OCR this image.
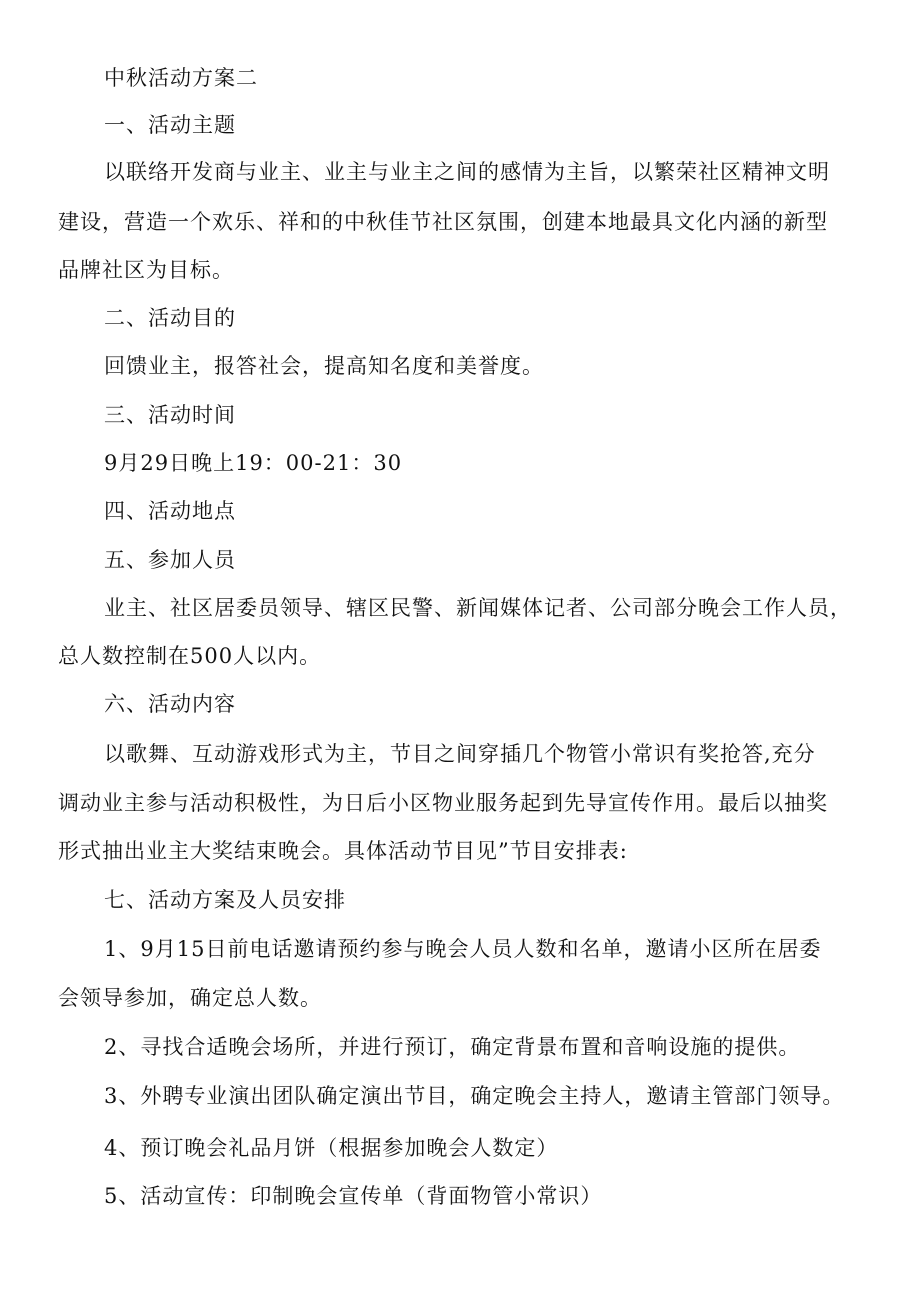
中秋活动方案二
一、活动主题
以联络开发商与业主、业主与业主之间的感情为主旨，以繁荣社区精神文明
建设，营造一个欢乐、祥和的中秋佳节社区氛围，创建本地最具文化内涵的新型
品牌社区为目标。
二、活动目的
回馈业主，报答社会，提高知名度和美誉度。
三、活动时间
9月29日晚上19：00-21：30
四、活动地点
五、参加人员
业主、社区居委员领导、辖区民警、新闻媒体记者、公司部分晚会工作人员，
总人数控制在500人以内。
六、活动内容
以歌舞、互动游戏形式为主，节目之间穿插几个物管小常识有奖抢答,充分
调动业主参与活动积极性，为日后小区物业服务起到先导宣传作用。最后以抽奖
形式抽出业主大奖结束晚会。具体活动节目见”节目安排表:
七、活动方案及人员安排
1、9月15日前电话邀请预约参与晚会人员人数和名单，邀请小区所在居委
会领导参加，确定总人数。
2、寻找合适晚会场所，并进行预订，确定背景布置和音响设施的提供。
3、外聘专业演出团队确定演出节目，确定晚会主持人，邀请主管部门领导。
4、预订晚会礼品月饼（根据参加晚会人数定）
5、活动宣传：印制晚会宣传单（背面物管小常识）
